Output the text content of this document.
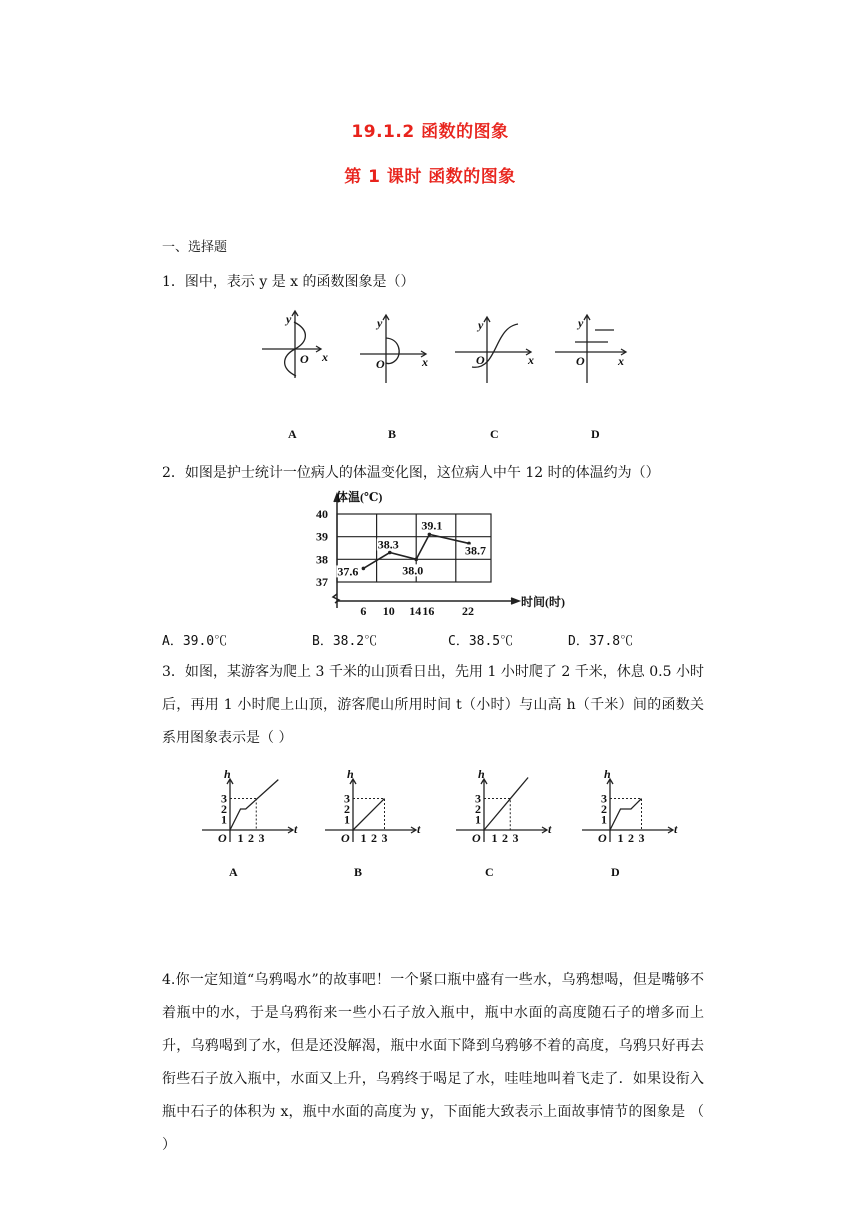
19.1.2 函数的图象
第 1 课时 函数的图象
一、选择题
1．图中，表示 y 是 x 的函数图象是（）
y
O x
y
O	x
y
O	x
y
O	x
A	B	C	D
2．如图是护士统计一位病人的体温变化图，这位病人中午 12 时的体温约为（）
37.6
38.3
38.0
39.1
38.7
体温(℃)
时间(时)
37
38
39
40
6 10 14 16 22
A．39.0℃	B．38.2℃	C．38.5℃	D．37.8℃
3．如图，某游客为爬上 3 千米的山顶看日出，先用 1 小时爬了 2 千米，休息 0.5 小时后，再用 1 小时爬上山顶，游客爬山所用时间 t（小时）与山高 h（千米）间的函数关系用图象表示是（ ）
h
t
O
1
2
3
1 2 3
A
h
t
O
1
2
3
1 2 3
B
h
t
O
1
2
3
1 2 3
C
h
t
O
1
2
3
1 2 3
D
4.你一定知道“乌鸦喝水”的故事吧！一个紧口瓶中盛有一些水，乌鸦想喝，但是嘴够不着瓶中的水，于是乌鸦衔来一些小石子放入瓶中，瓶中水面的高度随石子的增多而上升，乌鸦喝到了水，但是还没解渴，瓶中水面下降到乌鸦够不着的高度，乌鸦只好再去衔些石子放入瓶中，水面又上升，乌鸦终于喝足了水，哇哇地叫着飞走了．如果设衔入瓶中石子的体积为 x，瓶中水面的高度为 y，下面能大致表示上面故事情节的图象是 （ ）
